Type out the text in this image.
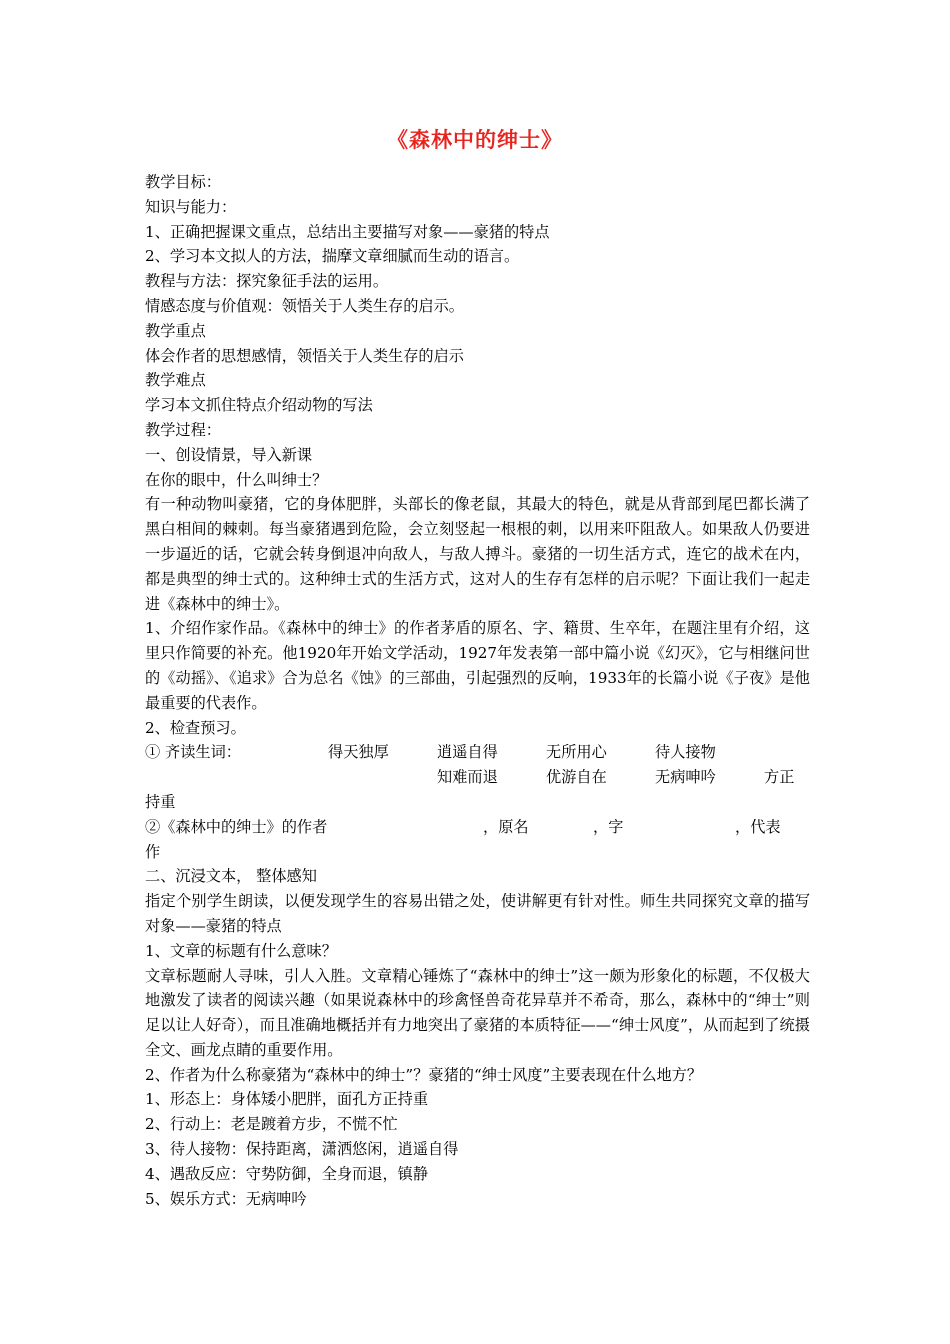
《森林中的绅士》

教学目标：

知识与能力：

1、正确把握课文重点，总结出主要描写对象——豪猪的特点

2、学习本文拟人的方法，揣摩文章细腻而生动的语言。

教程与方法：探究象征手法的运用。

情感态度与价值观：领悟关于人类生存的启示。

教学重点

体会作者的思想感情，领悟关于人类生存的启示

教学难点

学习本文抓住特点介绍动物的写法

教学过程：

一、创设情景，导入新课

在你的眼中，什么叫绅士？

有一种动物叫豪猪，它的身体肥胖，头部长的像老鼠，其最大的特色，就是从背部到尾巴都长满了黑白相间的棘刺。每当豪猪遇到危险，会立刻竖起一根根的刺，以用来吓阻敌人。如果敌人仍要进一步逼近的话，它就会转身倒退冲向敌人，与敌人搏斗。豪猪的一切生活方式，连它的战术在内，都是典型的绅士式的。这种绅士式的生活方式，这对人的生存有怎样的启示呢？下面让我们一起走进《森林中的绅士》。

1、介绍作家作品。《森林中的绅士》的作者茅盾的原名、字、籍贯、生卒年，在题注里有介绍，这里只作简要的补充。他1920年开始文学活动，1927年发表第一部中篇小说《幻灭》，它与相继问世的《动摇》、《追求》合为总名《蚀》的三部曲，引起强烈的反响，1933年的长篇小说《子夜》是他最重要的代表作。

2、检查预习。

① 齐读生词：	得天独厚	逍遥自得	无所用心	待人接物
知难而退	优游自在	无病呻吟	方正

持重

②《森林中的绅士》的作者	，原名	，字	，代表

作

二、沉浸文本， 整体感知

指定个别学生朗读，以便发现学生的容易出错之处，使讲解更有针对性。师生共同探究文章的描写对象——豪猪的特点

1、文章的标题有什么意味？

文章标题耐人寻味，引人入胜。文章精心锤炼了“森林中的绅士”这一颇为形象化的标题，不仅极大地激发了读者的阅读兴趣（如果说森林中的珍禽怪兽奇花异草并不希奇，那么，森林中的“绅士”则足以让人好奇），而且准确地概括并有力地突出了豪猪的本质特征——“绅士风度”，从而起到了统摄全文、画龙点睛的重要作用。

2、作者为什么称豪猪为“森林中的绅士”？豪猪的“绅士风度”主要表现在什么地方？

1、形态上：身体矮小肥胖，面孔方正持重

2、行动上：老是踱着方步，不慌不忙

3、待人接物：保持距离，潇洒悠闲，逍遥自得

4、遇敌反应：守势防御，全身而退，镇静

5、娱乐方式：无病呻吟
